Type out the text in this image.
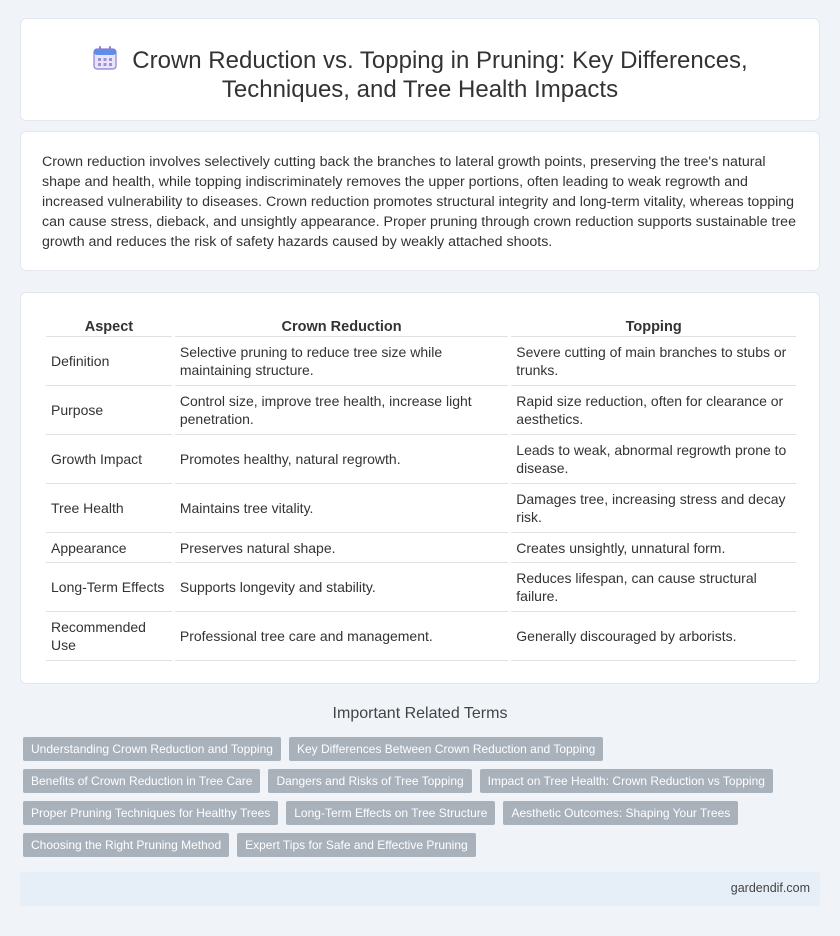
Crown Reduction vs. Topping in Pruning: Key Differences, Techniques, and Tree Health Impacts

Crown reduction involves selectively cutting back the branches to lateral growth points, preserving the tree's natural shape and health, while topping indiscriminately removes the upper portions, often leading to weak regrowth and increased vulnerability to diseases. Crown reduction promotes structural integrity and long-term vitality, whereas topping can cause stress, dieback, and unsightly appearance. Proper pruning through crown reduction supports sustainable tree growth and reduces the risk of safety hazards caused by weakly attached shoots.

Aspect	Crown Reduction	Topping
Definition	Selective pruning to reduce tree size while maintaining structure.	Severe cutting of main branches to stubs or trunks.
Purpose	Control size, improve tree health, increase light penetration.	Rapid size reduction, often for clearance or aesthetics.
Growth Impact	Promotes healthy, natural regrowth.	Leads to weak, abnormal regrowth prone to disease.
Tree Health	Maintains tree vitality.	Damages tree, increasing stress and decay risk.
Appearance	Preserves natural shape.	Creates unsightly, unnatural form.
Long-Term Effects	Supports longevity and stability.	Reduces lifespan, can cause structural failure.
Recommended Use	Professional tree care and management.	Generally discouraged by arborists.
Important Related Terms
Understanding Crown Reduction and Topping	Key Differences Between Crown Reduction and Topping
Benefits of Crown Reduction in Tree Care	Dangers and Risks of Tree Topping	Impact on Tree Health: Crown Reduction vs Topping
Proper Pruning Techniques for Healthy Trees	Long-Term Effects on Tree Structure	Aesthetic Outcomes: Shaping Your Trees
Choosing the Right Pruning Method	Expert Tips for Safe and Effective Pruning
gardendif.com
